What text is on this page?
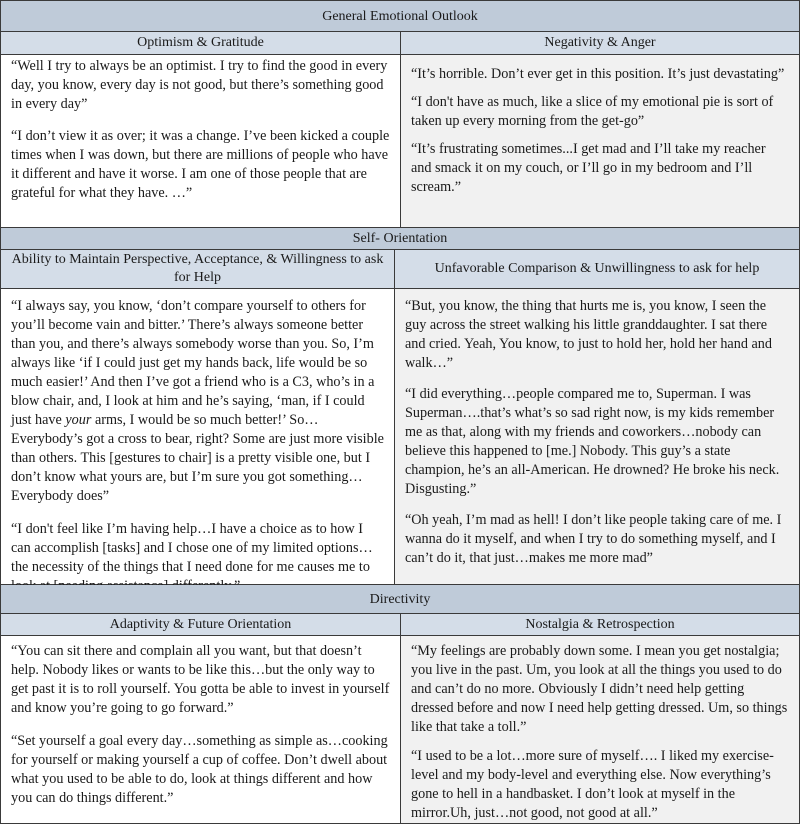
General Emotional Outlook
Optimism & Gratitude	Negativity & Anger

“Well I try to always be an optimist. I try to find the good in every day, you know, every day is not good, but there’s something good in every day”

“I don’t view it as over; it was a change. I’ve been kicked a couple times when I was down, but there are millions of people who have it different and have it worse. I am one of those people that are grateful for what they have. …”

“It’s horrible. Don’t ever get in this position. It’s just devastating”

“I don't have as much, like a slice of my emotional pie is sort of taken up every morning from the get-go”

“It’s frustrating sometimes...I get mad and I’ll take my reacher and smack it on my couch, or I’ll go in my bedroom and I’ll scream.”

Self- Orientation
Ability to Maintain Perspective, Acceptance, & Willingness to ask for Help
Unfavorable Comparison & Unwillingness to ask for help

“I always say, you know, ‘don’t compare yourself to others for you’ll become vain and bitter.’ There’s always someone better than you, and there’s always somebody worse than you. So, I’m always like ‘if I could just get my hands back, life would be so much easier!’ And then I’ve got a friend who is a C3, who’s in a blow chair, and, I look at him and he’s saying, ‘man, if I could just have your arms, I would be so much better!’ So… Everybody’s got a cross to bear, right? Some are just more visible than others. This [gestures to chair] is a pretty visible one, but I don’t know what yours are, but I’m sure you got something…Everybody does”

“I don't feel like I’m having help…I have a choice as to how I can accomplish [tasks] and I chose one of my limited options…the necessity of the things that I need done for me causes me to

“But, you know, the thing that hurts me is, you know, I seen the guy across the street walking his little granddaughter. I sat there and cried. Yeah, You know, to just to hold her, hold her hand and walk…”

“I did everything…people compared me to, Superman. I was Superman….that’s what’s so sad right now, is my kids remember me as that, along with my friends and coworkers…nobody can believe this happened to [me.] Nobody. This guy’s a state champion, he’s an all-American. He drowned? He broke his neck. Disgusting.”

“Oh yeah, I’m mad as hell! I don’t like people taking care of me. I wanna do it myself, and when I try to do something myself, and I can’t do it, that just…makes me more mad”

Directivity
Adaptivity & Future Orientation	Nostalgia & Retrospection

“You can sit there and complain all you want, but that doesn’t help. Nobody likes or wants to be like this…but the only way to get past it is to roll yourself. You gotta be able to invest in yourself and know you’re going to go forward.”

“Set yourself a goal every day…something as simple as…cooking for yourself or making yourself a cup of coffee. Don’t dwell about what you used to be able to do, look at things different and how you can do things different.”

“My feelings are probably down some. I mean you get nostalgia; you live in the past. Um, you look at all the things you used to do and can’t do no more. Obviously I didn’t need help getting dressed before and now I need help getting dressed. Um, so things like that take a toll.”

“I used to be a lot…more sure of myself…. I liked my exercise-level and my body-level and everything else. Now everything’s gone to hell in a handbasket. I don’t look at myself in the mirror.Uh, just…not good, not good at all.”
